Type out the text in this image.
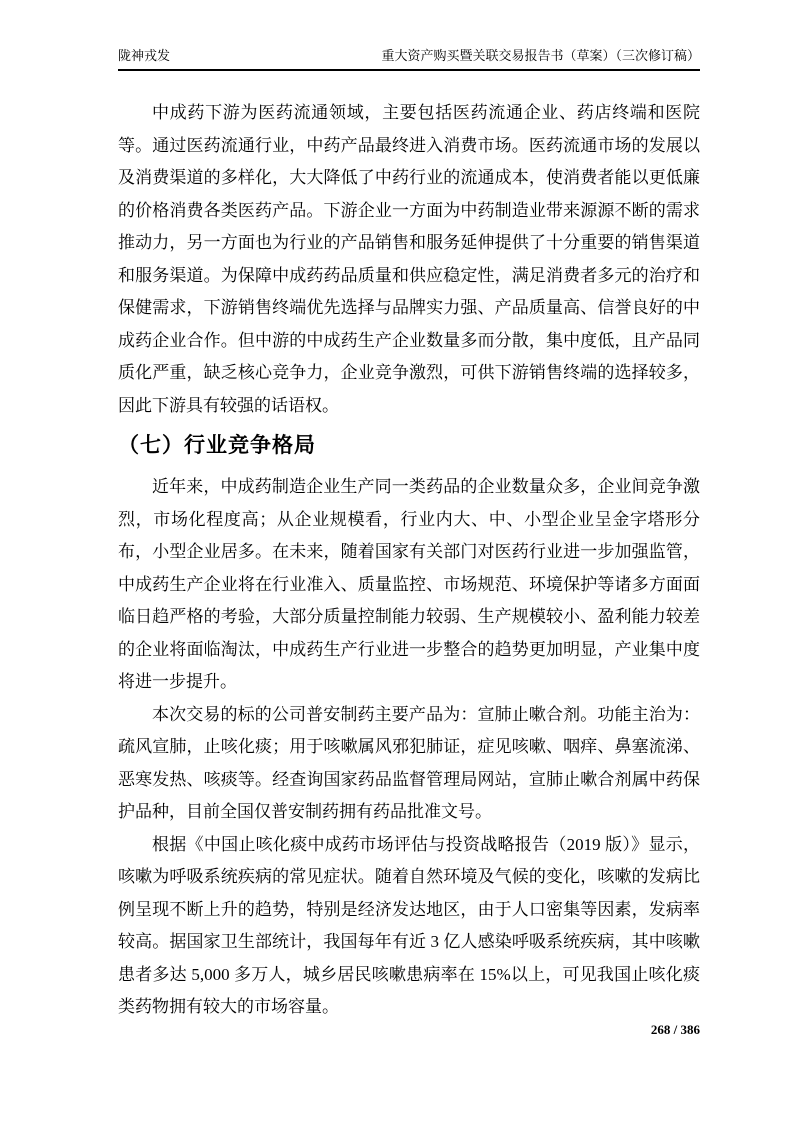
陇神戎发	重大资产购买暨关联交易报告书（草案）（三次修订稿）

中成药下游为医药流通领域，主要包括医药流通企业、药店终端和医院等。通过医药流通行业，中药产品最终进入消费市场。医药流通市场的发展以及消费渠道的多样化，大大降低了中药行业的流通成本，使消费者能以更低廉的价格消费各类医药产品。下游企业一方面为中药制造业带来源源不断的需求推动力，另一方面也为行业的产品销售和服务延伸提供了十分重要的销售渠道和服务渠道。为保障中成药药品质量和供应稳定性，满足消费者多元的治疗和保健需求，下游销售终端优先选择与品牌实力强、产品质量高、信誉良好的中成药企业合作。但中游的中成药生产企业数量多而分散，集中度低，且产品同质化严重，缺乏核心竞争力，企业竞争激烈，可供下游销售终端的选择较多，因此下游具有较强的话语权。

（七）行业竞争格局

近年来，中成药制造企业生产同一类药品的企业数量众多，企业间竞争激烈，市场化程度高；从企业规模看，行业内大、中、小型企业呈金字塔形分布，小型企业居多。在未来，随着国家有关部门对医药行业进一步加强监管，中成药生产企业将在行业准入、质量监控、市场规范、环境保护等诸多方面面临日趋严格的考验，大部分质量控制能力较弱、生产规模较小、盈利能力较差的企业将面临淘汰，中成药生产行业进一步整合的趋势更加明显，产业集中度将进一步提升。

本次交易的标的公司普安制药主要产品为：宣肺止嗽合剂。功能主治为：疏风宣肺，止咳化痰；用于咳嗽属风邪犯肺证，症见咳嗽、咽痒、鼻塞流涕、恶寒发热、咳痰等。经查询国家药品监督管理局网站，宣肺止嗽合剂属中药保护品种，目前全国仅普安制药拥有药品批准文号。

根据《中国止咳化痰中成药市场评估与投资战略报告（2019 版）》显示，咳嗽为呼吸系统疾病的常见症状。随着自然环境及气候的变化，咳嗽的发病比例呈现不断上升的趋势，特别是经济发达地区，由于人口密集等因素，发病率较高。据国家卫生部统计，我国每年有近 3 亿人感染呼吸系统疾病，其中咳嗽患者多达 5,000 多万人，城乡居民咳嗽患病率在 15%以上，可见我国止咳化痰类药物拥有较大的市场容量。

268 / 386
